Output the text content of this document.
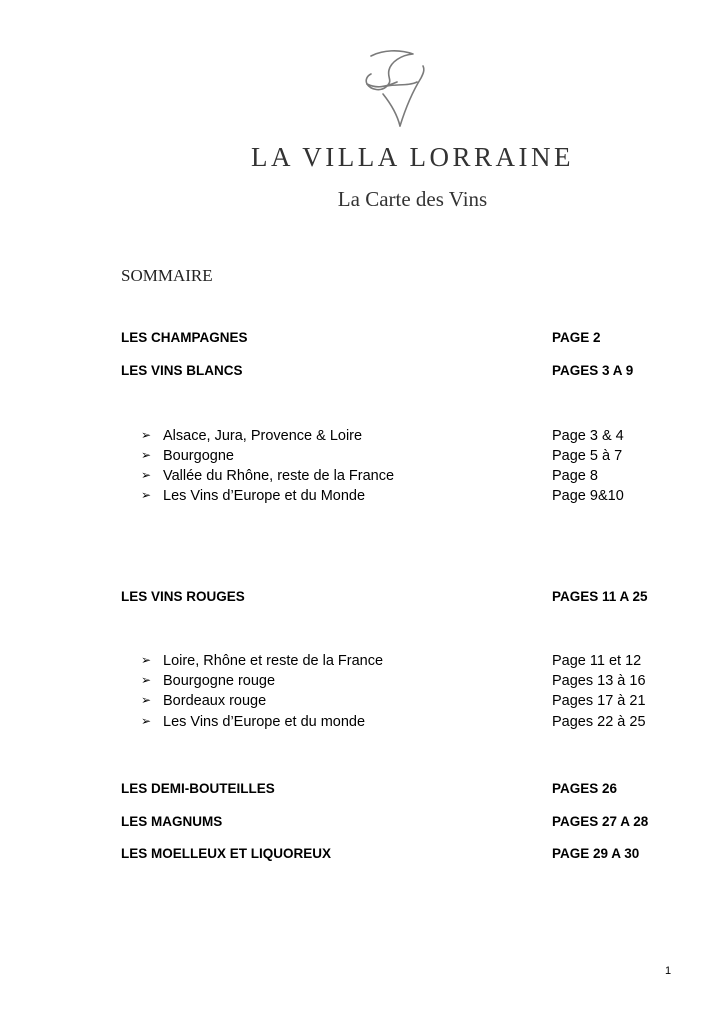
LA VILLA LORRAINE
La Carte des Vins
SOMMAIRE
LES CHAMPAGNES	PAGE 2
LES VINS BLANCS	PAGES 3 A 9
➢ Alsace, Jura, Provence & Loire	Page 3 & 4
➢ Bourgogne	Page 5 à 7
➢ Vallée du Rhône, reste de la France	Page 8
➢ Les Vins d’Europe et du Monde	Page 9&10
LES VINS ROUGES	PAGES 11 A 25
➢ Loire, Rhône et reste de la France	Page 11 et 12
➢ Bourgogne rouge	Pages 13 à 16
➢ Bordeaux rouge	Pages 17 à 21
➢ Les Vins d’Europe et du monde	Pages 22 à 25
LES DEMI-BOUTEILLES	PAGES 26
LES MAGNUMS	PAGES 27 A 28
LES MOELLEUX ET LIQUOREUX	PAGE 29 A 30
1
